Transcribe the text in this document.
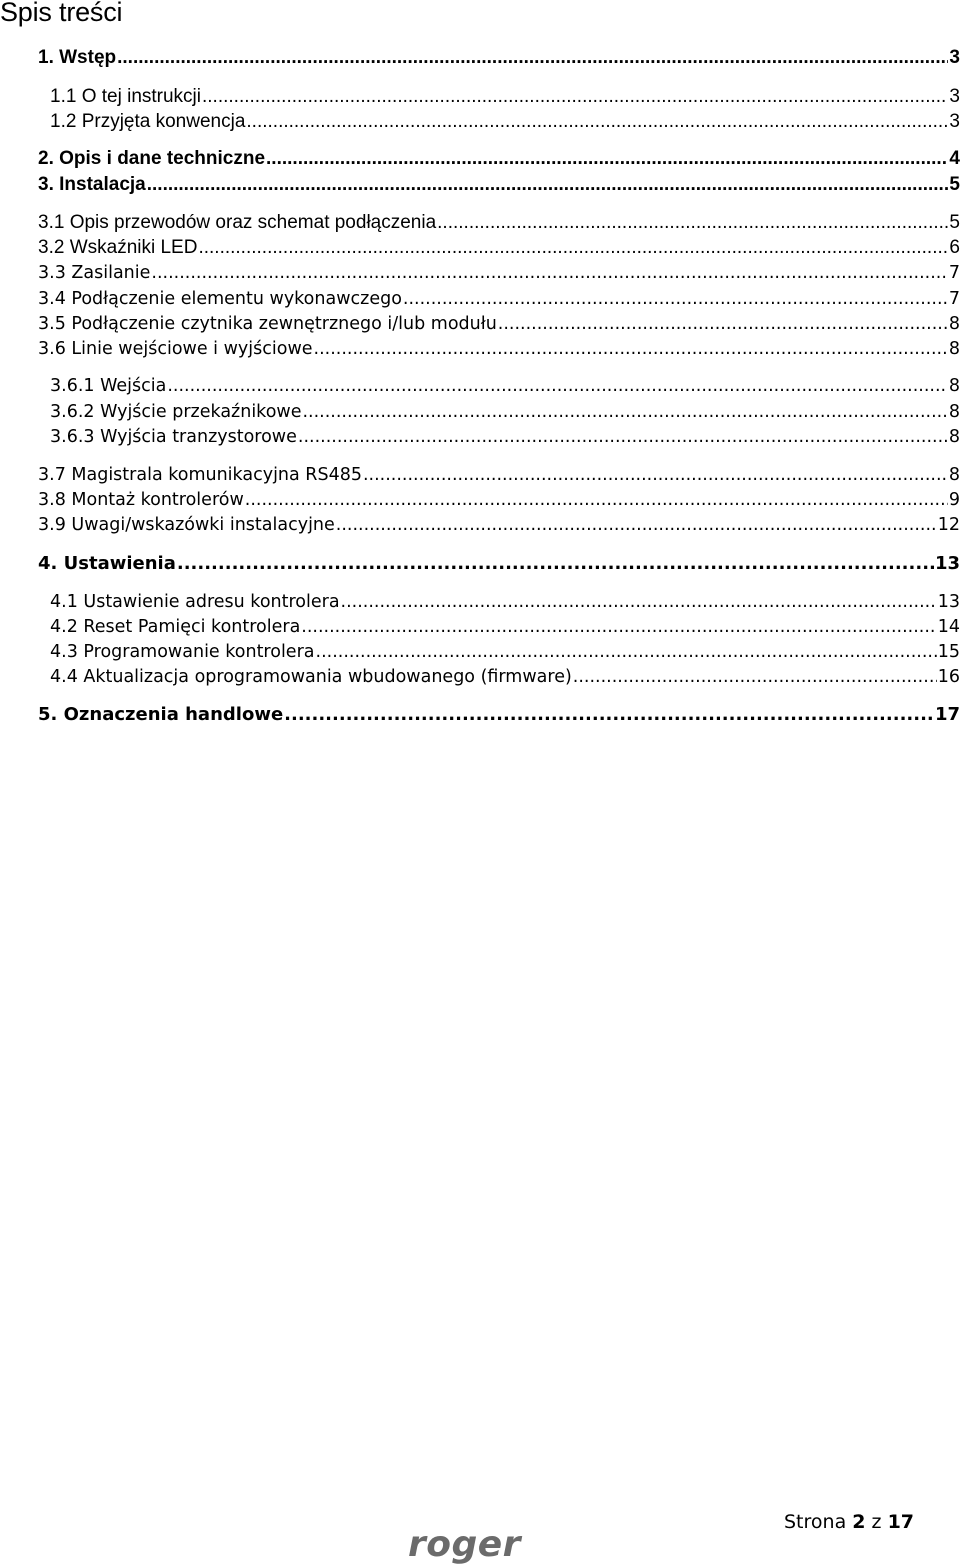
Spis treści
1. Wstęp .....	3
1.1 O tej instrukcji .....	3
1.2 Przyjęta konwencja .....	3
2. Opis i dane techniczne .....	4
3. Instalacja .....	5
3.1 Opis przewodów oraz schemat podłączenia .....	5
3.2 Wskaźniki LED .....	6
3.3 Zasilanie .....	7
3.4 Podłączenie elementu wykonawczego .....	7
3.5 Podłączenie czytnika zewnętrznego i/lub modułu .....	8
3.6 Linie wejściowe i wyjściowe .....	8
3.6.1 Wejścia .....	8
3.6.2 Wyjście przekaźnikowe .....	8
3.6.3 Wyjścia tranzystorowe .....	8
3.7 Magistrala komunikacyjna RS485 .....	8
3.8 Montaż kontrolerów .....	9
3.9 Uwagi/wskazówki instalacyjne .....	12
4. Ustawienia .....	13
4.1 Ustawienie adresu kontrolera .....	13
4.2 Reset Pamięci kontrolera .....	14
4.3 Programowanie kontrolera .....	15
4.4 Aktualizacja oprogramowania wbudowanego (firmware) .....	16
5. Oznaczenia handlowe .....	17
Strona 2 z 17
roger
